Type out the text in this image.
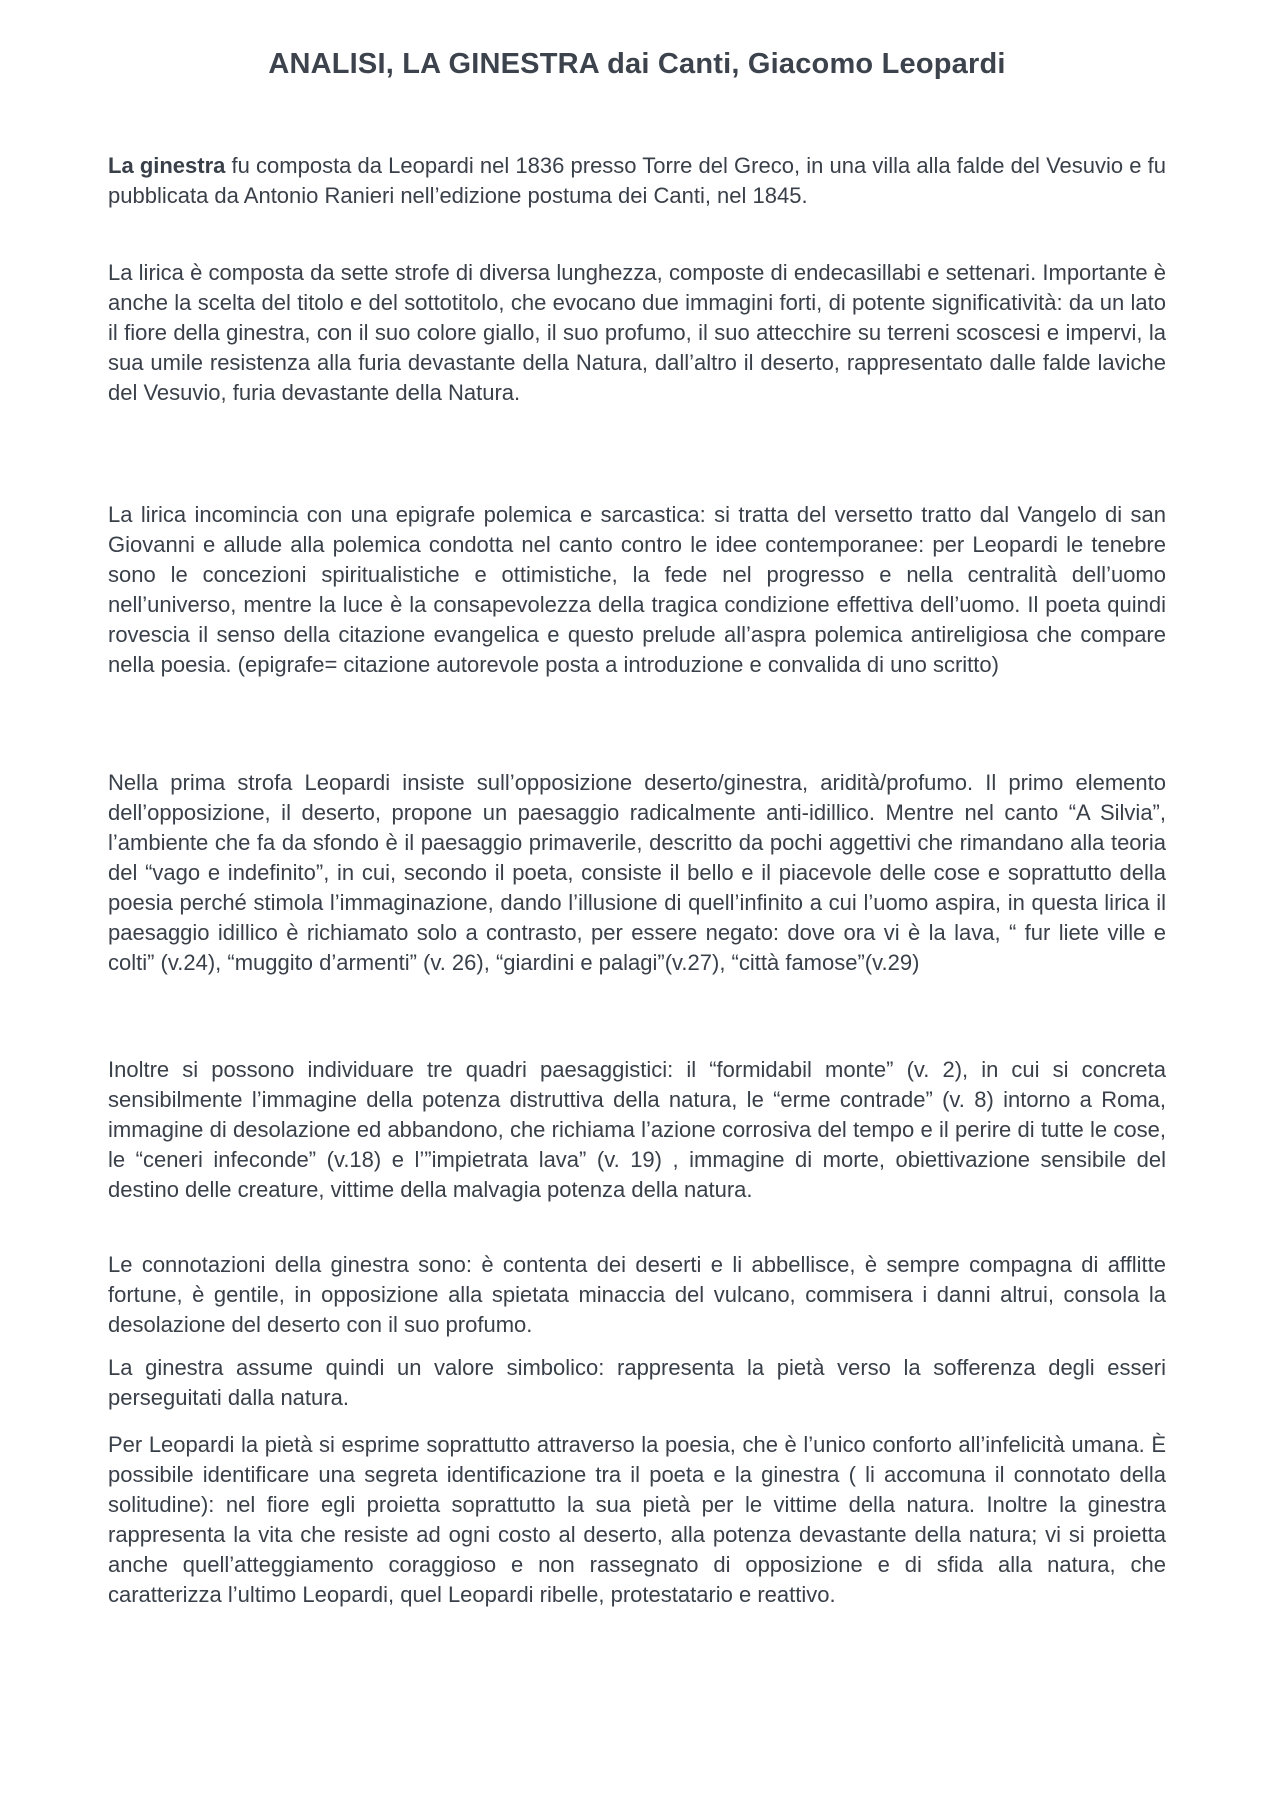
ANALISI, LA GINESTRA dai Canti, Giacomo Leopardi

La ginestra fu composta da Leopardi nel 1836 presso Torre del Greco, in una villa alla falde del Vesuvio e fu pubblicata da Antonio Ranieri nell’edizione postuma dei Canti, nel 1845.

La lirica è composta da sette strofe di diversa lunghezza, composte di endecasillabi e settenari. Importante è anche la scelta del titolo e del sottotitolo, che evocano due immagini forti, di potente significatività: da un lato il fiore della ginestra, con il suo colore giallo, il suo profumo, il suo attecchire su terreni scoscesi e impervi, la sua umile resistenza alla furia devastante della Natura, dall’altro il deserto, rappresentato dalle falde laviche del Vesuvio, furia devastante della Natura.

La lirica incomincia con una epigrafe polemica e sarcastica: si tratta del versetto tratto dal Vangelo di san Giovanni e allude alla polemica condotta nel canto contro le idee contemporanee: per Leopardi le tenebre sono le concezioni spiritualistiche e ottimistiche, la fede nel progresso e nella centralità dell’uomo nell’universo, mentre la luce è la consapevolezza della tragica condizione effettiva dell’uomo. Il poeta quindi rovescia il senso della citazione evangelica e questo prelude all’aspra polemica antireligiosa che compare nella poesia. (epigrafe= citazione autorevole posta a introduzione e convalida di uno scritto)

Nella prima strofa Leopardi insiste sull’opposizione deserto/ginestra, aridità/profumo. Il primo elemento dell’opposizione, il deserto, propone un paesaggio radicalmente anti-idillico. Mentre nel canto “A Silvia”, l’ambiente che fa da sfondo è il paesaggio primaverile, descritto da pochi aggettivi che rimandano alla teoria del “vago e indefinito”, in cui, secondo il poeta, consiste il bello e il piacevole delle cose e soprattutto della poesia perché stimola l’immaginazione, dando l’illusione di quell’infinito a cui l’uomo aspira, in questa lirica il paesaggio idillico è richiamato solo a contrasto, per essere negato: dove ora vi è la lava, “ fur liete ville e colti” (v.24), “muggito d’armenti” (v. 26), “giardini e palagi”(v.27), “città famose”(v.29)

Inoltre si possono individuare tre quadri paesaggistici: il “formidabil monte” (v. 2), in cui si concreta sensibilmente l’immagine della potenza distruttiva della natura, le “erme contrade” (v. 8) intorno a Roma, immagine di desolazione ed abbandono, che richiama l’azione corrosiva del tempo e il perire di tutte le cose, le “ceneri infeconde” (v.18) e l’”impietrata lava” (v. 19) , immagine di morte, obiettivazione sensibile del destino delle creature, vittime della malvagia potenza della natura.

Le connotazioni della ginestra sono: è contenta dei deserti e li abbellisce, è sempre compagna di afflitte fortune, è gentile, in opposizione alla spietata minaccia del vulcano, commisera i danni altrui, consola la desolazione del deserto con il suo profumo.

La ginestra assume quindi un valore simbolico: rappresenta la pietà verso la sofferenza degli esseri perseguitati dalla natura.

Per Leopardi la pietà si esprime soprattutto attraverso la poesia, che è l’unico conforto all’infelicità umana. È possibile identificare una segreta identificazione tra il poeta e la ginestra ( li accomuna il connotato della solitudine): nel fiore egli proietta soprattutto la sua pietà per le vittime della natura. Inoltre la ginestra rappresenta la vita che resiste ad ogni costo al deserto, alla potenza devastante della natura; vi si proietta anche quell’atteggiamento coraggioso e non rassegnato di opposizione e di sfida alla natura, che caratterizza l’ultimo Leopardi, quel Leopardi ribelle, protestatario e reattivo.
